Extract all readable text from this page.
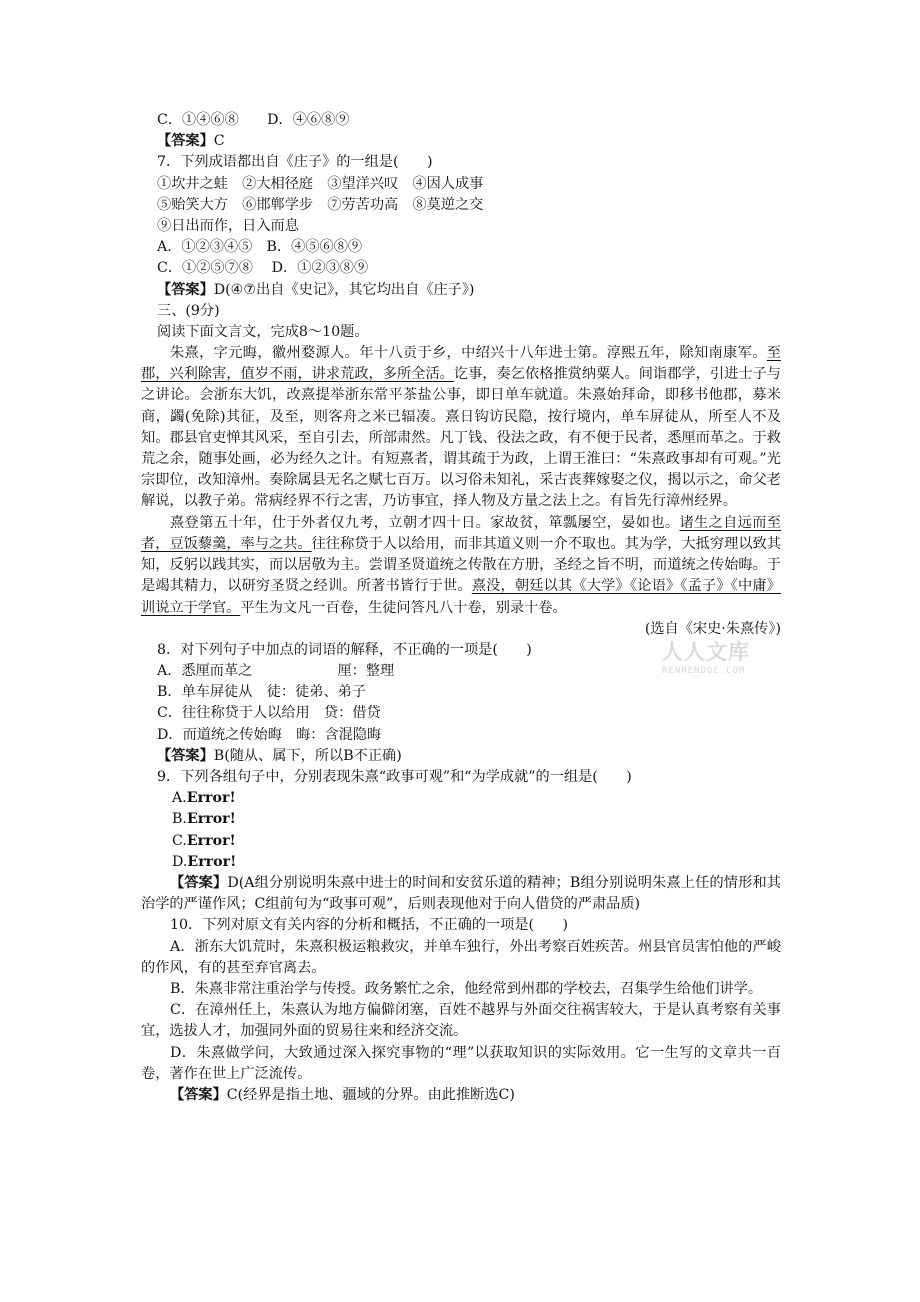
C．①④⑥⑧　　D．④⑥⑧⑨
【答案】C
7．下列成语都出自《庄子》的一组是(　　)
①坎井之蛙　②大相径庭　③望洋兴叹　④因人成事
⑤贻笑大方　⑥邯郸学步　⑦劳苦功高　⑧莫逆之交
⑨日出而作，日入而息
A．①②③④⑤　B．④⑤⑥⑧⑨
C．①②⑤⑦⑧　 D．①②③⑧⑨
【答案】D(④⑦出自《史记》，其它均出自《庄子》)
三、(9分)
阅读下面文言文，完成8～10题。
朱熹，字元晦，徽州婺源人。年十八贡于乡，中绍兴十八年进士第。淳熙五年，除知南康军。至郡，兴利除害，值岁不雨，讲求荒政，多所全活。讫事，奏乞依格推赏纳粟人。间诣郡学，引进士子与之讲论。会浙东大饥，改熹提举浙东常平茶盐公事，即日单车就道。朱熹始拜命，即移书他郡，募米商，蠲(免除)其征，及至，则客舟之米已辐凑。熹日钩访民隐，按行境内，单车屏徒从，所至人不及知。郡县官吏惮其风采，至自引去，所部肃然。凡丁钱、役法之政，有不便于民者，悉厘而革之。于救荒之余，随事处画，必为经久之计。有短熹者，谓其疏于为政，上谓王淮曰：“朱熹政事却有可观。”光宗即位，改知漳州。奏除属县无名之赋七百万。以习俗未知礼，采古丧葬嫁娶之仪，揭以示之，命父老解说，以教子弟。常病经界不行之害，乃访事宜，择人物及方量之法上之。有旨先行漳州经界。
熹登第五十年，仕于外者仅九考，立朝才四十日。家故贫，箪瓢屡空，晏如也。诸生之自远而至者，豆饭藜羹，率与之共。往往称贷于人以给用，而非其道义则一介不取也。其为学，大抵穷理以致其知，反躬以践其实，而以居敬为主。尝谓圣贤道统之传散在方册，圣经之旨不明，而道统之传始晦。于是竭其精力，以研穷圣贤之经训。所著书皆行于世。熹没，朝廷以其《大学》《论语》《孟子》《中庸》训说立于学官。平生为文凡一百卷，生徒问答凡八十卷，别录十卷。
(选自《宋史·朱熹传》)
8．对下列句子中加点的词语的解释，不正确的一项是(　　)
A．悉厘而革之　　　　　　厘：整理
B．单车屏徒从　徒：徒弟、弟子
C．往往称贷于人以给用　贷：借贷
D．而道统之传始晦　晦：含混隐晦
【答案】B(随从、属下，所以B不正确)
9．下列各组句子中，分别表现朱熹“政事可观”和“为学成就”的一组是(　　)
A.Error!
B.Error!
C.Error!
D.Error!
【答案】D(A组分别说明朱熹中进士的时间和安贫乐道的精神；B组分别说明朱熹上任的情形和其治学的严谨作风；C组前句为“政事可观”，后则表现他对于向人借贷的严肃品质)
10．下列对原文有关内容的分析和概括，不正确的一项是(　　)
A．浙东大饥荒时，朱熹积极运粮救灾，并单车独行，外出考察百姓疾苦。州县官员害怕他的严峻的作风，有的甚至弃官离去。
B．朱熹非常注重治学与传授。政务繁忙之余，他经常到州郡的学校去，召集学生给他们讲学。
C．在漳州任上，朱熹认为地方偏僻闭塞，百姓不越界与外面交往祸害较大，于是认真考察有关事宜，选拔人才，加强同外面的贸易往来和经济交流。
D．朱熹做学问，大致通过深入探究事物的“理”以获取知识的实际效用。它一生写的文章共一百卷，著作在世上广泛流传。
【答案】C(经界是指土地、疆域的分界。由此推断选C)
人人文库
RENRENDOC.COM
